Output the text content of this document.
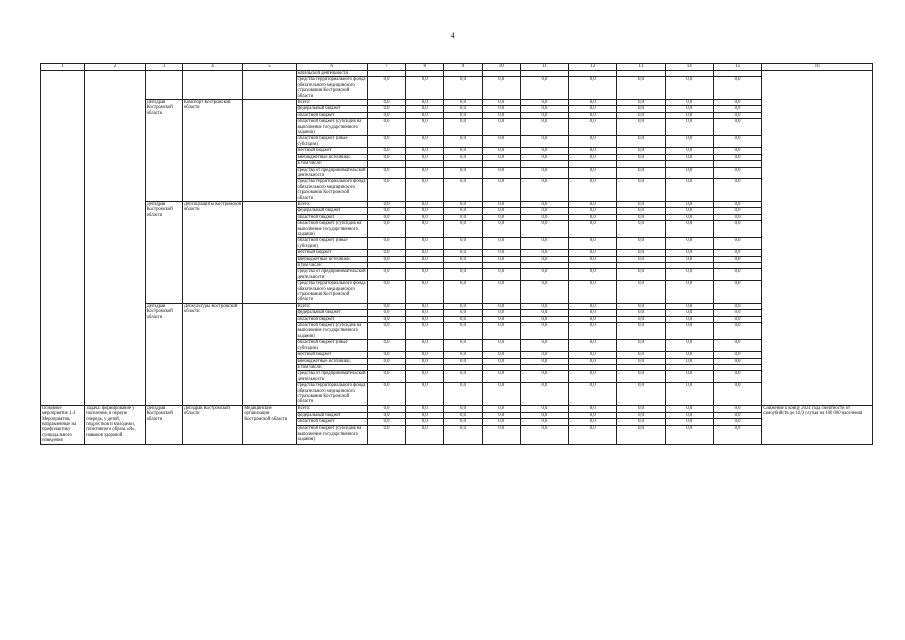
4
1	2	3	4	5	6	7	8	9	10	11	12	13	14	15	16
					мательской деятельности										
					средства территориального фонда обязательного медицинского страхования Костромской области	0,0	0,0	0,0	0,0	0,0	0,0	0,0	0,0	0,0	
		Депздрав Костромской области	Комспорт Костромской области		Всего:	0,0	0,0	0,0	0,0	0,0	0,0	0,0	0,0	0,0	
					федеральный бюджет	0,0	0,0	0,0	0,0	0,0	0,0	0,0	0,0	0,0	
					областной бюджет	0,0	0,0	0,0	0,0	0,0	0,0	0,0	0,0	0,0	
					областной бюджет (субсидия на выполнение государственного задания)	0,0	0,0	0,0	0,0	0,0	0,0	0,0	0,0	0,0	
					областной бюджет (иные субсидии)	0,0	0,0	0,0	0,0	0,0	0,0	0,0	0,0	0,0	
					местный бюджет	0,0	0,0	0,0	0,0	0,0	0,0	0,0	0,0	0,0	
					внебюджетные источники,	0,0	0,0	0,0	0,0	0,0	0,0	0,0	0,0	0,0	
					в том числе:										
					средства от предпринимательской деятельности	0,0	0,0	0,0	0,0	0,0	0,0	0,0	0,0	0,0	
					средства территориального фонда обязательного медицинского страхования Костромской области	0,0	0,0	0,0	0,0	0,0	0,0	0,0	0,0	0,0	
		Депздрав Костромской области	Депсоцзащиты Костромской области		Всего:	0,0	0,0	0,0	0,0	0,0	0,0	0,0	0,0	0,0	
					федеральный бюджет	0,0	0,0	0,0	0,0	0,0	0,0	0,0	0,0	0,0	
					областной бюджет	0,0	0,0	0,0	0,0	0,0	0,0	0,0	0,0	0,0	
					областной бюджет (субсидия на выполнение государственного задания)	0,0	0,0	0,0	0,0	0,0	0,0	0,0	0,0	0,0	
					областной бюджет (иные субсидии)	0,0	0,0	0,0	0,0	0,0	0,0	0,0	0,0	0,0	
					местный бюджет	0,0	0,0	0,0	0,0	0,0	0,0	0,0	0,0	0,0	
					внебюджетные источники,	0,0	0,0	0,0	0,0	0,0	0,0	0,0	0,0	0,0	
					в том числе:										
					средства от предпринимательской деятельности	0,0	0,0	0,0	0,0	0,0	0,0	0,0	0,0	0,0	
					средства территориального фонда обязательного медицинского страхования Костромской области	0,0	0,0	0,0	0,0	0,0	0,0	0,0	0,0	0,0	
		Депздрав Костромской области	Депкультуры Костромской области		Всего:	0,0	0,0	0,0	0,0	0,0	0,0	0,0	0,0	0,0	
					федеральный бюджет	0,0	0,0	0,0	0,0	0,0	0,0	0,0	0,0	0,0	
					областной бюджет	0,0	0,0	0,0	0,0	0,0	0,0	0,0	0,0	0,0	
					областной бюджет (субсидия на выполнение государственного задания)	0,0	0,0	0,0	0,0	0,0	0,0	0,0	0,0	0,0	
					областной бюджет (иные субсидии)	0,0	0,0	0,0	0,0	0,0	0,0	0,0	0,0	0,0	
					местный бюджет	0,0	0,0	0,0	0,0	0,0	0,0	0,0	0,0	0,0	
					внебюджетные источники,	0,0	0,0	0,0	0,0	0,0	0,0	0,0	0,0	0,0	
					в том числе:										
					средства от предпринимательской деятельности	0,0	0,0	0,0	0,0	0,0	0,0	0,0	0,0	0,0	
					средства территориального фонда обязательного медицинского страхования Костромской области	0,0	0,0	0,0	0,0	0,0	0,0	0,0	0,0	0,0	
Основное мероприятие 1.4 Мероприятия, направленные на профилактику суицидального поведения	Задача: формирование у населения, в первую очередь, у детей, подростков и молодежи, позитивного образа «Я», навыков здоровой	Депздрав Костромской области	Депздрав Костромской области	Медицинские организации Костромской области	Всего:	0,0	0,0	0,0	0,0	0,0	0,0	0,0	0,0	0,0	Снижение к концу 2024 года смертности от самоубийств до 16,9 случая на 100 000 населения
					федеральный бюджет	0,0	0,0	0,0	0,0	0,0	0,0	0,0	0,0	0,0	
					областной бюджет	0,0	0,0	0,0	0,0	0,0	0,0	0,0	0,0	0,0	
					областной бюджет (субсидия на выполнение государственного задания)	0,0	0,0	0,0	0,0	0,0	0,0	0,0	0,0	0,0	
